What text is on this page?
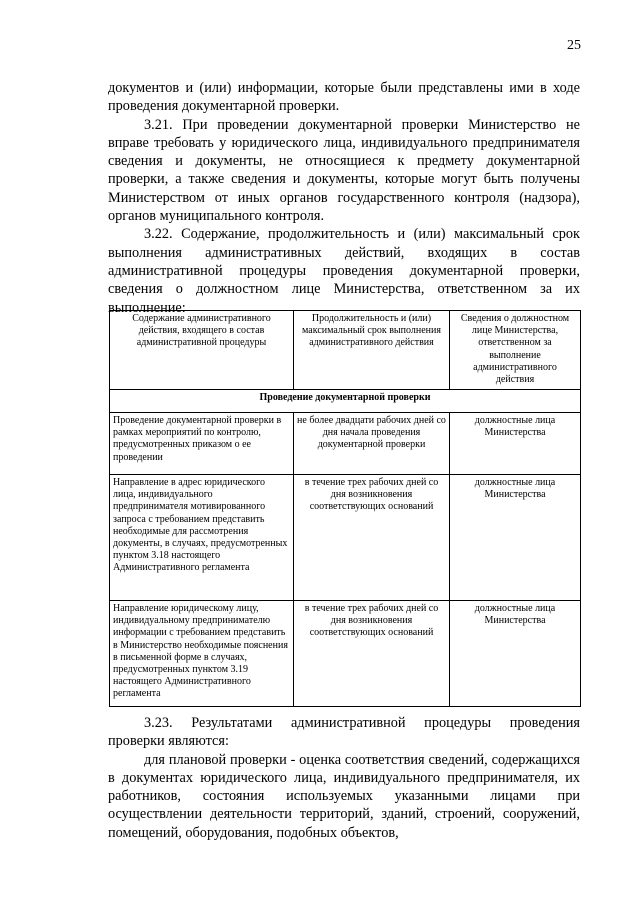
25

документов и (или) информации, которые были представлены ими в ходе проведения документарной проверки.

3.21. При проведении документарной проверки Министерство не вправе требовать у юридического лица, индивидуального предпринимателя сведения и документы, не относящиеся к предмету документарной проверки, а также сведения и документы, которые могут быть получены Министерством от иных органов государственного контроля (надзора), органов муниципального контроля.

3.22. Содержание, продолжительность и (или) максимальный срок выполнения административных действий, входящих в состав административной процедуры проведения документарной проверки, сведения о должностном лице Министерства, ответственном за их выполнение:

Содержание административного действия, входящего в состав административной процедуры	Продолжительность и (или) максимальный срок выполнения административного действия	Сведения о должностном лице Министерства, ответственном за выполнение административного действия
Проведение документарной проверки		
Проведение документарной проверки в рамках мероприятий по контролю, предусмотренных приказом о ее проведении	не более двадцати рабочих дней со дня начала проведения документарной проверки	должностные лица Министерства
Направление в адрес юридического лица, индивидуального предпринимателя мотивированного запроса с требованием представить необходимые для рассмотрения документы, в случаях, предусмотренных пунктом 3.18 настоящего Административного регламента	в течение трех рабочих дней со дня возникновения соответствующих оснований	должностные лица Министерства
Направление юридическому лицу, индивидуальному предпринимателю информации с требованием представить в Министерство необходимые пояснения в письменной форме в случаях, предусмотренных пунктом 3.19 настоящего Административного регламента	в течение трех рабочих дней со дня возникновения соответствующих оснований	должностные лица Министерства

3.23. Результатами административной процедуры проведения проверки являются:

для плановой проверки - оценка соответствия сведений, содержащихся в документах юридического лица, индивидуального предпринимателя, их работников, состояния используемых указанными лицами при осуществлении деятельности территорий, зданий, строений, сооружений, помещений, оборудования, подобных объектов,
